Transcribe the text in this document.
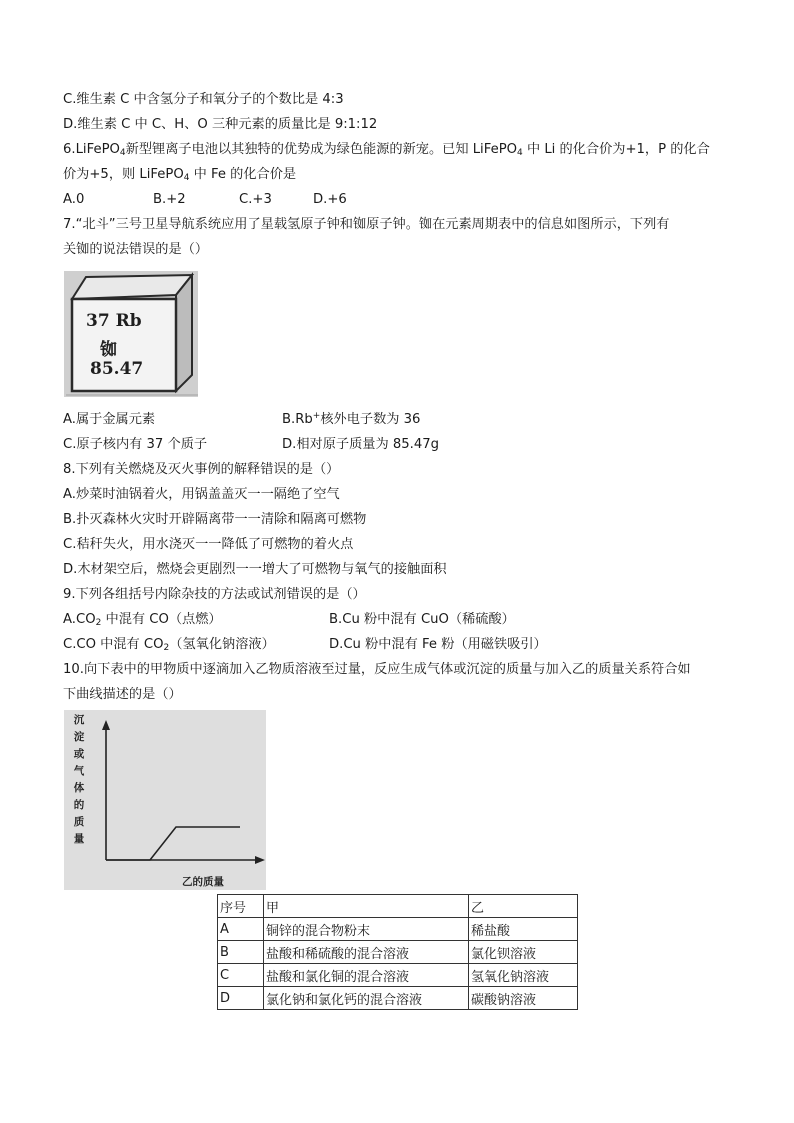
C.维生素 C 中含氢分子和氧分子的个数比是 4:3
D.维生素 C 中 C、H、O 三种元素的质量比是 9:1:12
6.LiFePO$_4$新型锂离子电池以其独特的优势成为绿色能源的新宠。已知 LiFePO$_4$ 中 Li 的化合价为+1，P 的化合
价为+5，则 LiFePO$_4$ 中 Fe 的化合价是
A.0	B.+2	C.+3	D.+6
7.“北斗”三号卫星导航系统应用了星载氢原子钟和铷原子钟。铷在元素周期表中的信息如图所示，下列有
关铷的说法错误的是（）
37 Rb
铷
85.47
A.属于金属元素	B.Rb+核外电子数为 36
C.原子核内有 37 个质子	D.相对原子质量为 85.47g
8.下列有关燃烧及灭火事例的解释错误的是（）
A.炒菜时油锅着火，用锅盖盖灭一一隔绝了空气
B.扑灭森林火灾时开辟隔离带一一清除和隔离可燃物
C.秸秆失火，用水浇灭一一降低了可燃物的着火点
D.木材架空后，燃烧会更剧烈一一增大了可燃物与氧气的接触面积
9.下列各组括号内除杂技的方法或试剂错误的是（）
$A.CO_2$ 中混有 CO（点燃）	B.Cu 粉中混有 CuO（稀硫酸）
C.CO 中混有 $CO_2$（氢氧化钠溶液）	D.Cu 粉中混有 Fe 粉（用磁铁吸引）
10.向下表中的甲物质中逐滴加入乙物质溶液至过量，反应生成气体或沉淀的质量与加入乙的质量关系符合如
下曲线描述的是（）
沉
淀
或
气
体
的
质
量
乙的质量
序号	甲	乙
A	铜锌的混合物粉末	稀盐酸
B	盐酸和稀硫酸的混合溶液	氯化钡溶液
C	盐酸和氯化铜的混合溶液	氢氧化钠溶液
D	氯化钠和氯化钙的混合溶液	碳酸钠溶液
